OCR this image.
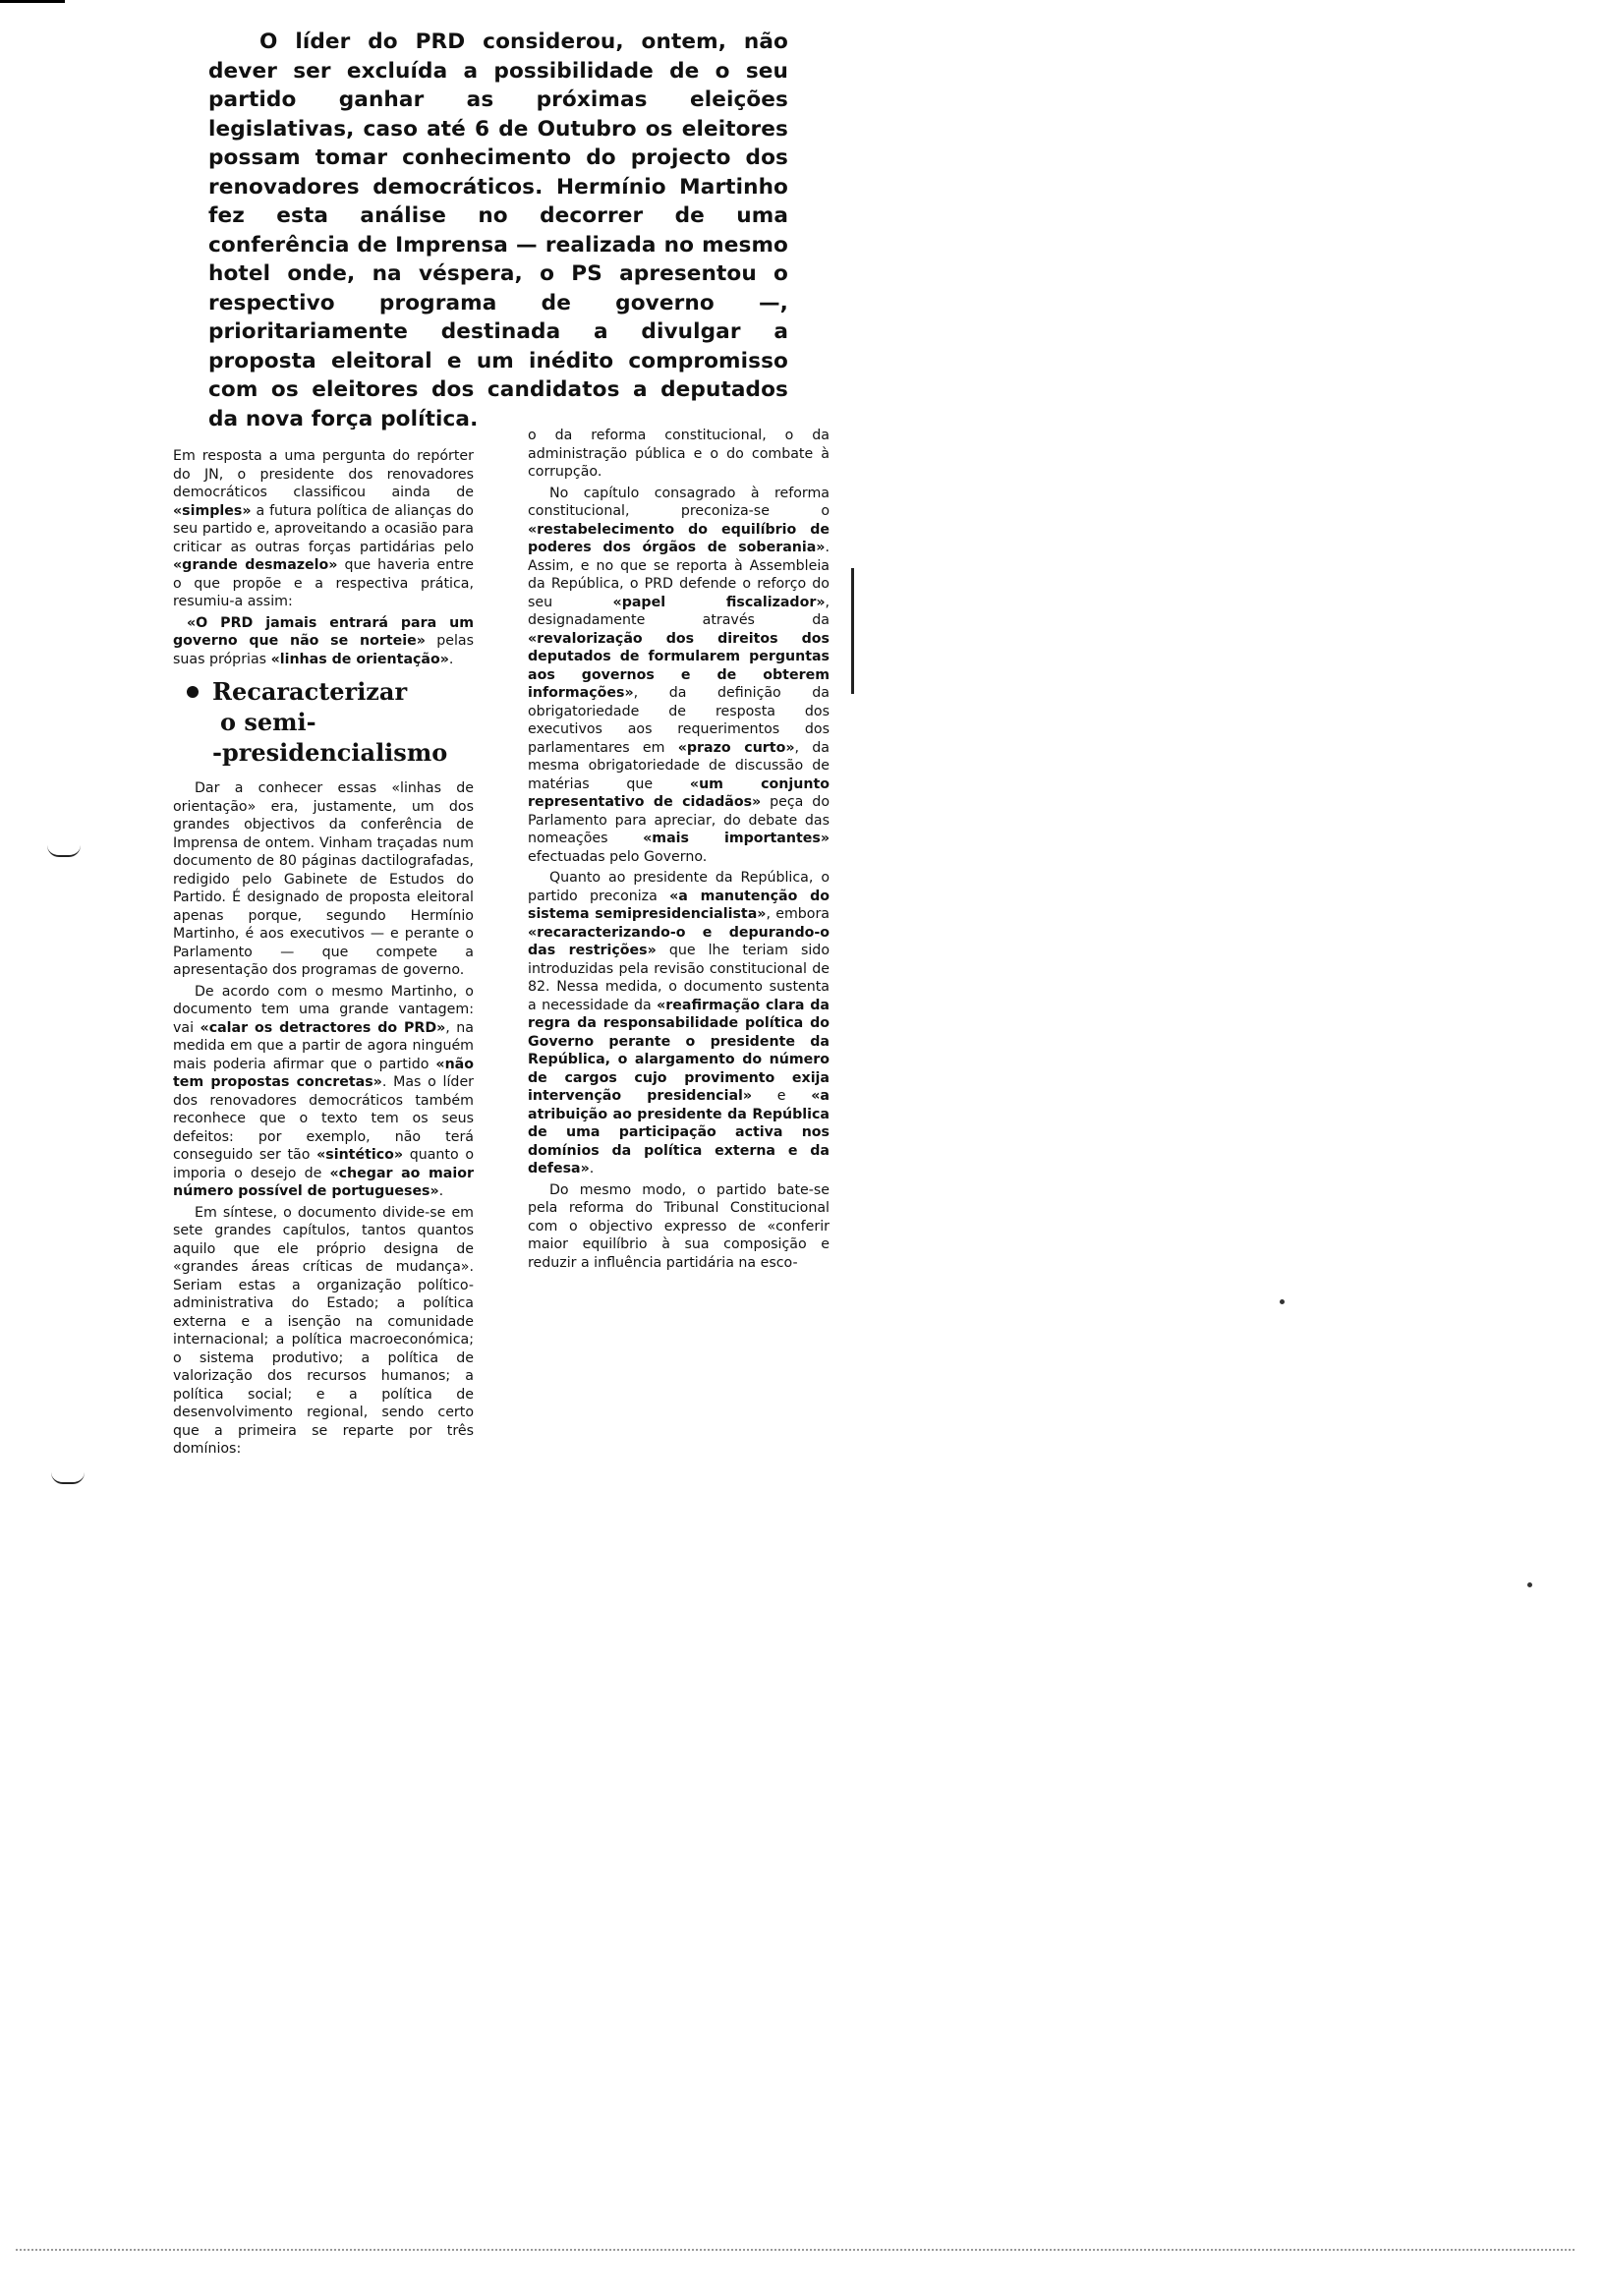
O líder do PRD considerou, ontem, não dever ser excluída a possibilidade de o seu partido ganhar as próximas eleições legislativas, caso até 6 de Outubro os eleitores possam tomar conhecimento do projecto dos renovadores democráticos. Hermínio Martinho fez esta análise no decorrer de uma conferência de Imprensa — realizada no mesmo hotel onde, na véspera, o PS apresentou o respectivo programa de governo —, prioritariamente destinada a divulgar a proposta eleitoral e um inédito compromisso com os eleitores dos candidatos a deputados da nova força política.

Em resposta a uma pergunta do repórter do JN, o presidente dos renovadores democráticos classificou ainda de «simples» a futura política de alianças do seu partido e, aproveitando a ocasião para criticar as outras forças partidárias pelo «grande desmazelo» que haveria entre o que propõe e a respectiva prática, resumiu-a assim:

«O PRD jamais entrará para um governo que não se norteie» pelas suas próprias «linhas de orientação».

Recaracterizar
o semi-
-presidencialismo

Dar a conhecer essas «linhas de orientação» era, justamente, um dos grandes objectivos da conferência de Imprensa de ontem. Vinham traçadas num documento de 80 páginas dactilografadas, redigido pelo Gabinete de Estudos do Partido. É designado de proposta eleitoral apenas porque, segundo Hermínio Martinho, é aos executivos — e perante o Parlamento — que compete a apresentação dos programas de governo.

De acordo com o mesmo Martinho, o documento tem uma grande vantagem: vai «calar os detractores do PRD», na medida em que a partir de agora ninguém mais poderia afirmar que o partido «não tem propostas concretas». Mas o líder dos renovadores democráticos também reconhece que o texto tem os seus defeitos: por exemplo, não terá conseguido ser tão «sintético» quanto o imporia o desejo de «chegar ao maior número possível de portugueses».

Em síntese, o documento divide-se em sete grandes capítulos, tantos quantos aquilo que ele próprio designa de «grandes áreas críticas de mudança». Seriam estas a organização político-administrativa do Estado; a política externa e a isenção na comunidade internacional; a política macroeconómica; o sistema produtivo; a política de valorização dos recursos humanos; a política social; e a política de desenvolvimento regional, sendo certo que a primeira se reparte por três domínios:

o da reforma constitucional, o da administração pública e o do combate à corrupção.

No capítulo consagrado à reforma constitucional, preconiza-se o «restabelecimento do equilíbrio de poderes dos órgãos de soberania». Assim, e no que se reporta à Assembleia da República, o PRD defende o reforço do seu «papel fiscalizador», designadamente através da «revalorização dos direitos dos deputados de formularem perguntas aos governos e de obterem informações», da definição da obrigatoriedade de resposta dos executivos aos requerimentos dos parlamentares em «prazo curto», da mesma obrigatoriedade de discussão de matérias que «um conjunto representativo de cidadãos» peça do Parlamento para apreciar, do debate das nomeações «mais importantes» efectuadas pelo Governo.

Quanto ao presidente da República, o partido preconiza «a manutenção do sistema semipresidencialista», embora «recaracterizando-o e depurando-o das restrições» que lhe teriam sido introduzidas pela revisão constitucional de 82. Nessa medida, o documento sustenta a necessidade da «reafirmação clara da regra da responsabilidade política do Governo perante o presidente da República, o alargamento do número de cargos cujo provimento exija intervenção presidencial» e «a atribuição ao presidente da República de uma participação activa nos domínios da política externa e da defesa».

Do mesmo modo, o partido bate-se pela reforma do Tribunal Constitucional com o objectivo expresso de «conferir maior equilíbrio à sua composição e reduzir a influência partidária na esco-
